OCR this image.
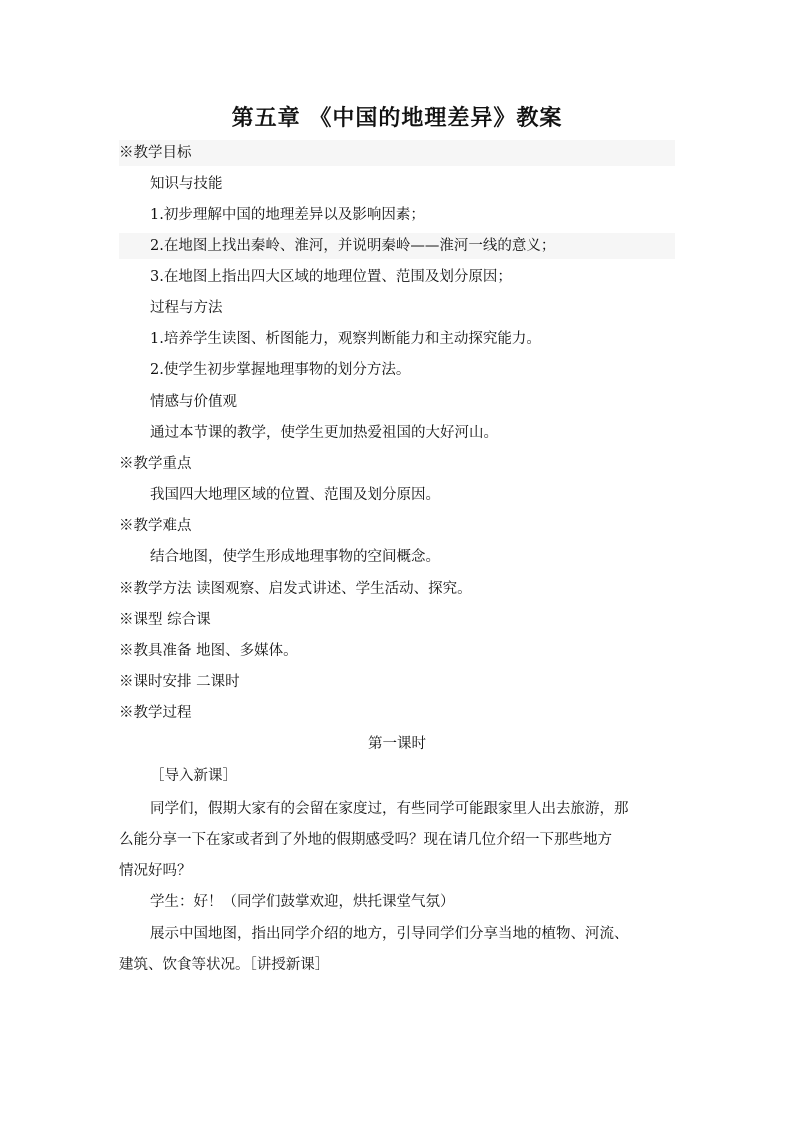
第五章 《中国的地理差异》教案
※教学目标
知识与技能
1.初步理解中国的地理差异以及影响因素；
2.在地图上找出秦岭、淮河，并说明秦岭——淮河一线的意义；
3.在地图上指出四大区域的地理位置、范围及划分原因；
过程与方法
1.培养学生读图、析图能力，观察判断能力和主动探究能力。
2.使学生初步掌握地理事物的划分方法。
情感与价值观
通过本节课的教学，使学生更加热爱祖国的大好河山。
※教学重点
我国四大地理区域的位置、范围及划分原因。
※教学难点
结合地图，使学生形成地理事物的空间概念。
※教学方法 读图观察、启发式讲述、学生活动、探究。
※课型 综合课
※教具准备 地图、多媒体。
※课时安排 二课时
※教学过程
第一课时
［导入新课］
同学们，假期大家有的会留在家度过，有些同学可能跟家里人出去旅游，那
么能分享一下在家或者到了外地的假期感受吗？现在请几位介绍一下那些地方
情况好吗？
学生：好！（同学们鼓掌欢迎，烘托课堂气氛）
展示中国地图，指出同学介绍的地方，引导同学们分享当地的植物、河流、
建筑、饮食等状况。［讲授新课］
